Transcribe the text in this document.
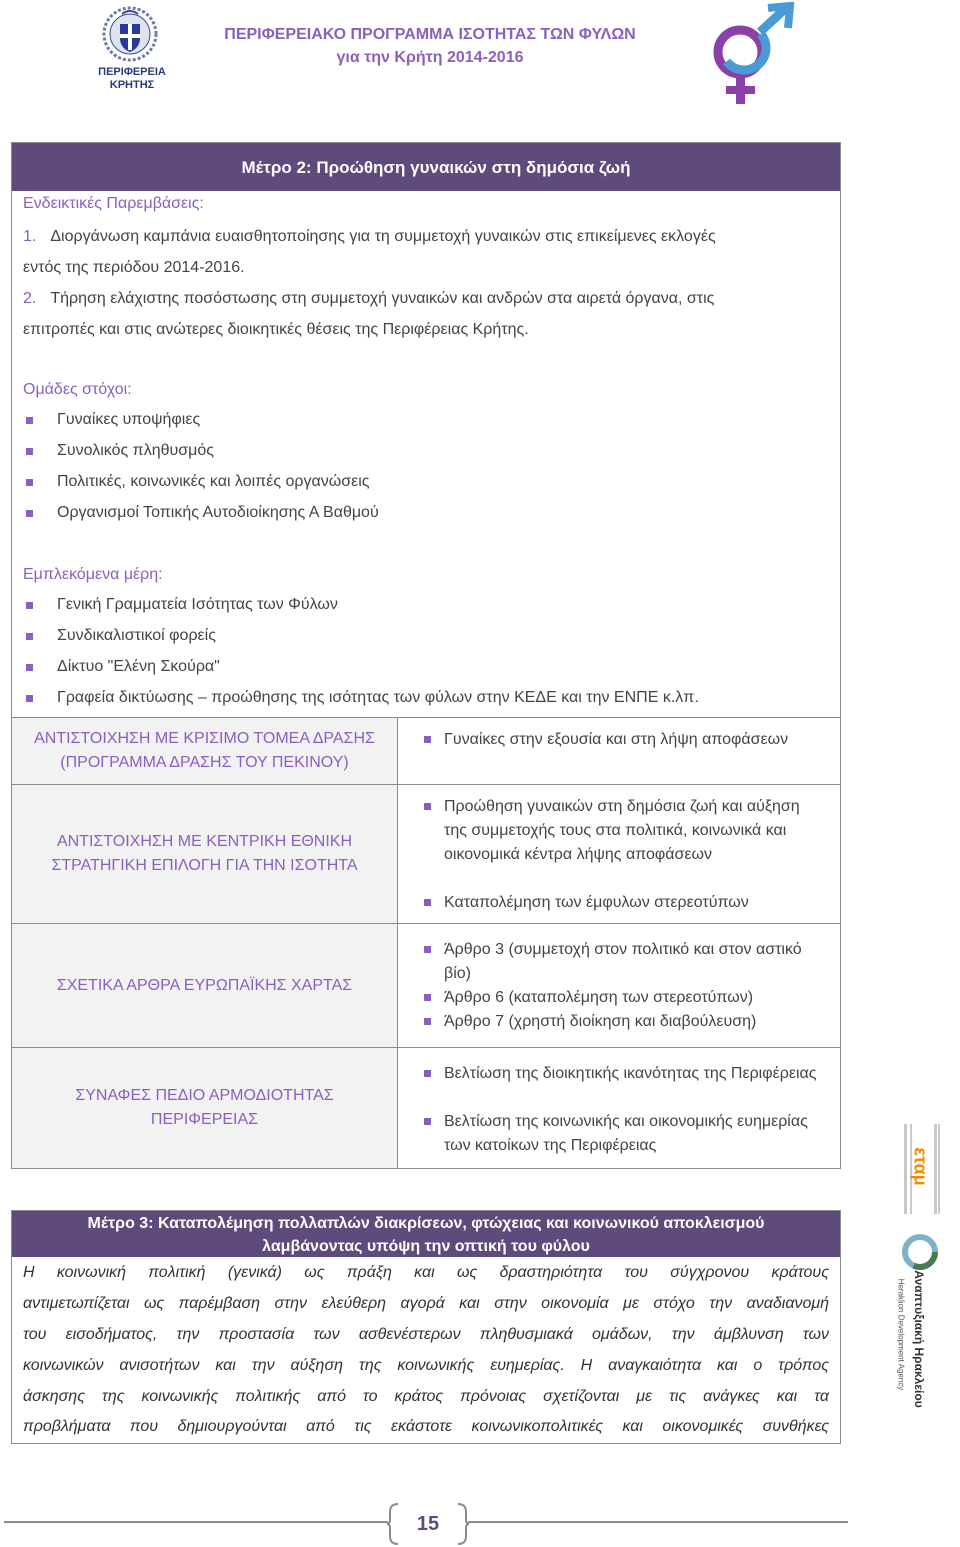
ΠΕΡΙΦΕΡΕΙΑ
ΚΡΗΤΗΣ
ΠΕΡΙΦΕΡΕΙΑΚΟ ΠΡΟΓΡΑΜΜΑ ΙΣΟΤΗΤΑΣ ΤΩΝ ΦΥΛΩΝ
για την Κρήτη 2014-2016
Μέτρο 2: Προώθηση γυναικών στη δημόσια ζωή
Ενδεικτικές Παρεμβάσεις:
1. Διοργάνωση καμπάνια ευαισθητοποίησης για τη συμμετοχή γυναικών στις επικείμενες εκλογές
εντός της περιόδου 2014-2016.
2. Τήρηση ελάχιστης ποσόστωσης στη συμμετοχή γυναικών και ανδρών στα αιρετά όργανα, στις
επιτροπές και στις ανώτερες διοικητικές θέσεις της Περιφέρειας Κρήτης.
Ομάδες στόχοι:
Γυναίκες υποψήφιες
Συνολικός πληθυσμός
Πολιτικές, κοινωνικές και λοιπές οργανώσεις
Οργανισμοί Τοπικής Αυτοδιοίκησης Α Βαθμού
Εμπλεκόμενα μέρη:
Γενική Γραμματεία Ισότητας των Φύλων
Συνδικαλιστικοί φορείς
Δίκτυο "Ελένη Σκούρα"
Γραφεία δικτύωσης – προώθησης της ισότητας των φύλων στην ΚΕΔΕ και την ΕΝΠΕ κ.λπ.
ΑΝΤΙΣΤΟΙΧΗΣΗ ΜΕ ΚΡΙΣΙΜΟ ΤΟΜΕΑ ΔΡΑΣΗΣ (ΠΡΟΓΡΑΜΜΑ ΔΡΑΣΗΣ ΤΟΥ ΠΕΚΙΝΟΥ)
Γυναίκες στην εξουσία και στη λήψη αποφάσεων
ΑΝΤΙΣΤΟΙΧΗΣΗ ΜΕ ΚΕΝΤΡΙΚΗ ΕΘΝΙΚΗ ΣΤΡΑΤΗΓΙΚΗ ΕΠΙΛΟΓΗ ΓΙΑ ΤΗΝ ΙΣΟΤΗΤΑ
Προώθηση γυναικών στη δημόσια ζωή και αύξηση της συμμετοχής τους στα πολιτικά, κοινωνικά και οικονομικά κέντρα λήψης αποφάσεων
Καταπολέμηση των έμφυλων στερεοτύπων
ΣΧΕΤΙΚΑ ΑΡΘΡΑ ΕΥΡΩΠΑΪΚΗΣ ΧΑΡΤΑΣ
Άρθρο 3 (συμμετοχή στον πολιτικό και στον αστικό βίο)
Άρθρο 6 (καταπολέμηση των στερεοτύπων)
Άρθρο 7 (χρηστή διοίκηση και διαβούλευση)
ΣΥΝΑΦΕΣ ΠΕΔΙΟ ΑΡΜΟΔΙΟΤΗΤΑΣ ΠΕΡΙΦΕΡΕΙΑΣ
Βελτίωση της διοικητικής ικανότητας της Περιφέρειας
Βελτίωση της κοινωνικής και οικονομικής ευημερίας των κατοίκων της Περιφέρειας
Μέτρο 3: Καταπολέμηση πολλαπλών διακρίσεων, φτώχειας και κοινωνικού αποκλεισμού
λαμβάνοντας υπόψη την οπτική του φύλου
Η κοινωνική πολιτική (γενικά) ως πράξη και ως δραστηριότητα του σύγχρονου κράτους
αντιμετωπίζεται ως παρέμβαση στην ελεύθερη αγορά και στην οικονομία με στόχο την αναδιανομή
του εισοδήματος, την προστασία των ασθενέστερων πληθυσμιακά ομάδων, την άμβλυνση των
κοινωνικών ανισοτήτων και την αύξηση της κοινωνικής ευημερίας. Η αναγκαιότητα και ο τρόπος
άσκησης της κοινωνικής πολιτικής από το κράτος πρόνοιας σχετίζονται με τις ανάγκες και τα
προβλήματα που δημιουργούνται από τις εκάστοτε κοινωνικοπολιτικές και οικονομικές συνθήκες
εταμ
Αναπτυξιακή Ηρακλείου
Heraklion Development Agency
15
